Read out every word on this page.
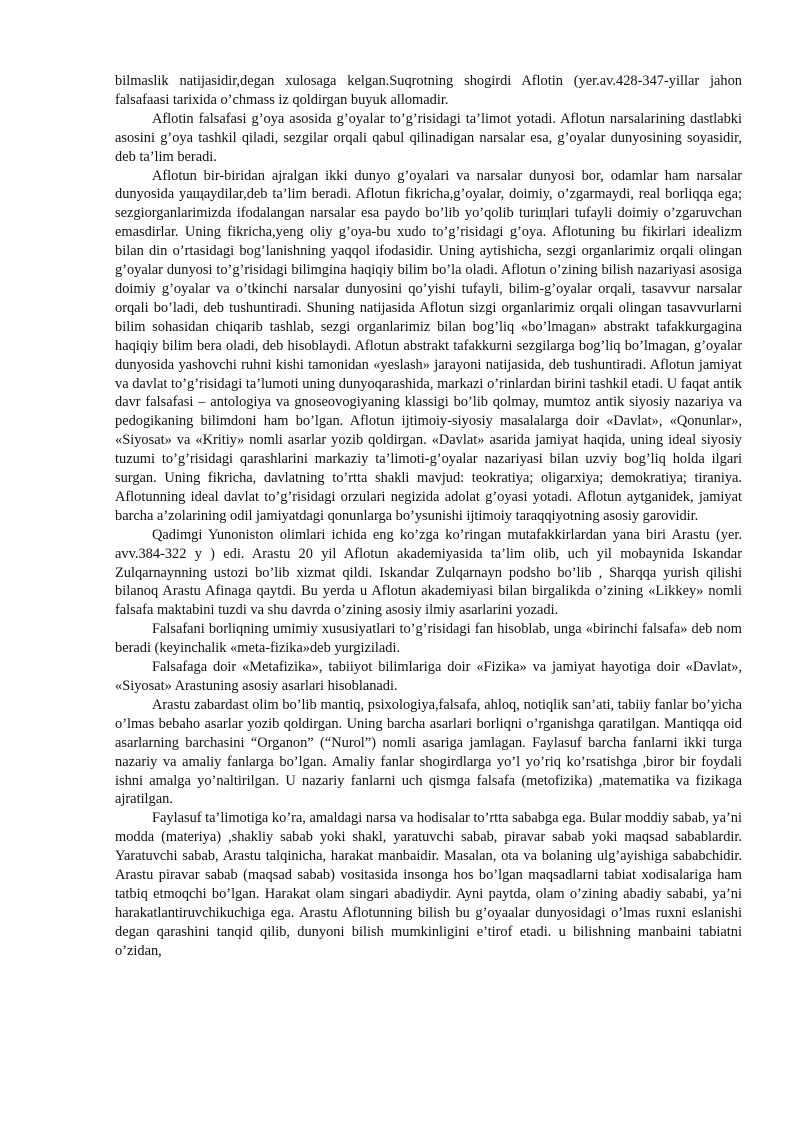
bilmaslik natijasidir,degan xulosaga kelgan.Suqrotning shogirdi Aflotin (yer.av.428-347-yillar jahon falsafaasi tarixida o’chmass iz qoldirgan buyuk allomadir.

Aflotin falsafasi g’oya asosida g’oyalar to’g’risidagi ta’limot yotadi. Aflotun narsalarining dastlabki asosini g’oya tashkil qiladi, sezgilar orqali qabul qilinadigan narsalar esa, g’oyalar dunyosining soyasidir, deb ta’lim beradi.

Aflotun bir-biridan ajralgan ikki dunyo g’oyalari va narsalar dunyosi bor, odamlar ham narsalar dunyosida yaщaydilar,deb ta’lim beradi. Aflotun fikricha,g’oyalar, doimiy, o’zgarmaydi, real borliqqa ega; sezgiorganlarimizda ifodalangan narsalar esa paydo bo’lib yo’qolib turiщlari tufayli doimiy o’zgaruvchan emasdirlar. Uning fikricha,yeng oliy g’oya-bu xudo to’g’risidagi g’oya. Aflotuning bu fikirlari idealizm bilan din o’rtasidagi bog’lanishning yaqqol ifodasidir. Uning aytishicha, sezgi organlarimiz orqali olingan g’oyalar dunyosi to’g’risidagi bilimgina haqiqiy bilim bo’la oladi. Aflotun o’zining bilish nazariyasi asosiga doimiy g’oyalar va o’tkinchi narsalar dunyosini qo’yishi tufayli, bilim-g’oyalar orqali, tasavvur narsalar orqali bo’ladi, deb tushuntiradi. Shuning natijasida Aflotun sizgi organlarimiz orqali olingan tasavvurlarni bilim sohasidan chiqarib tashlab, sezgi organlarimiz bilan bog’liq «bo’lmagan» abstrakt tafakkurgagina haqiqiy bilim bera oladi, deb hisoblaydi. Aflotun abstrakt tafakkurni sezgilarga bog’liq bo’lmagan, g’oyalar dunyosida yashovchi ruhni kishi tamonidan «yeslash» jarayoni natijasida, deb tushuntiradi. Aflotun jamiyat va davlat to’g’risidagi ta’lumoti uning dunyoqarashida, markazi o’rinlardan birini tashkil etadi. U faqat antik davr falsafasi – antologiya va gnoseovogiyaning klassigi bo’lib qolmay, mumtoz antik siyosiy nazariya va pedogikaning bilimdoni ham bo’lgan. Aflotun ijtimoiy-siyosiy masalalarga doir «Davlat», «Qonunlar», «Siyosat» va «Kritiy» nomli asarlar yozib qoldirgan. «Davlat» asarida jamiyat haqida, uning ideal siyosiy tuzumi to’g’risidagi qarashlarini markaziy ta’limoti-g’oyalar nazariyasi bilan uzviy bog’liq holda ilgari surgan. Uning fikricha, davlatning to’rtta shakli mavjud: teokratiya; oligarxiya; demokratiya; tiraniya. Aflotunning ideal davlat to’g’risidagi orzulari negizida adolat g’oyasi yotadi. Aflotun aytganidek, jamiyat barcha a’zolarining odil jamiyatdagi qonunlarga bo’ysunishi ijtimoiy taraqqiyotning asosiy garovidir.

Qadimgi Yunoniston olimlari ichida eng ko’zga ko’ringan mutafakkirlardan yana biri Arastu (yer. avv.384-322 y ) edi. Arastu 20 yil Aflotun akademiyasida ta’lim olib, uch yil mobaynida Iskandar Zulqarnaynning ustozi bo’lib xizmat qildi. Iskandar Zulqarnayn podsho bo’lib , Sharqqa yurish qilishi bilanoq Arastu Afinaga qaytdi. Bu yerda u Aflotun akademiyasi bilan birgalikda o’zining «Likkey» nomli falsafa maktabini tuzdi va shu davrda o’zining asosiy ilmiy asarlarini yozadi.

Falsafani borliqning umimiy xususiyatlari to’g’risidagi fan hisoblab, unga «birinchi falsafa» deb nom beradi (keyinchalik «meta-fizika»deb yurgiziladi.

Falsafaga doir «Metafizika», tabiiyot bilimlariga doir «Fizika» va jamiyat hayotiga doir «Davlat», «Siyosat» Arastuning asosiy asarlari hisoblanadi.

Arastu zabardast olim bo’lib mantiq, psixologiya,falsafa, ahloq, notiqlik san’ati, tabiiy fanlar bo’yicha o’lmas bebaho asarlar yozib qoldirgan. Uning barcha asarlari borliqni o’rganishga qaratilgan. Mantiqqa oid asarlarning barchasini “Organon” (“Nurol”) nomli asariga jamlagan. Faylasuf barcha fanlarni ikki turga nazariy va amaliy fanlarga bo’lgan. Amaliy fanlar shogirdlarga yo’l yo’riq ko’rsatishga ,biror bir foydali ishni amalga yo’naltirilgan. U nazariy fanlarni uch qismga falsafa (metofizika) ,matematika va fizikaga ajratilgan.

Faylasuf ta’limotiga ko’ra, amaldagi narsa va hodisalar to’rtta sababga ega. Bular moddiy sabab, ya’ni modda (materiya) ,shakliy sabab yoki shakl, yaratuvchi sabab, piravar sabab yoki maqsad sabablardir. Yaratuvchi sabab, Arastu talqinicha, harakat manbaidir. Masalan, ota va bolaning ulg’ayishiga sababchidir. Arastu piravar sabab (maqsad sabab) vositasida insonga hos bo’lgan maqsadlarni tabiat xodisalariga ham tatbiq etmoqchi bo’lgan. Harakat olam singari abadiydir. Ayni paytda, olam o’zining abadiy sababi, ya’ni harakatlantiruvchikuchiga ega. Arastu Aflotunning bilish bu g’oyaalar dunyosidagi o’lmas ruxni eslanishi degan qarashini tanqid qilib, dunyoni bilish mumkinligini e’tirof etadi. u bilishning manbaini tabiatni o’zidan,
